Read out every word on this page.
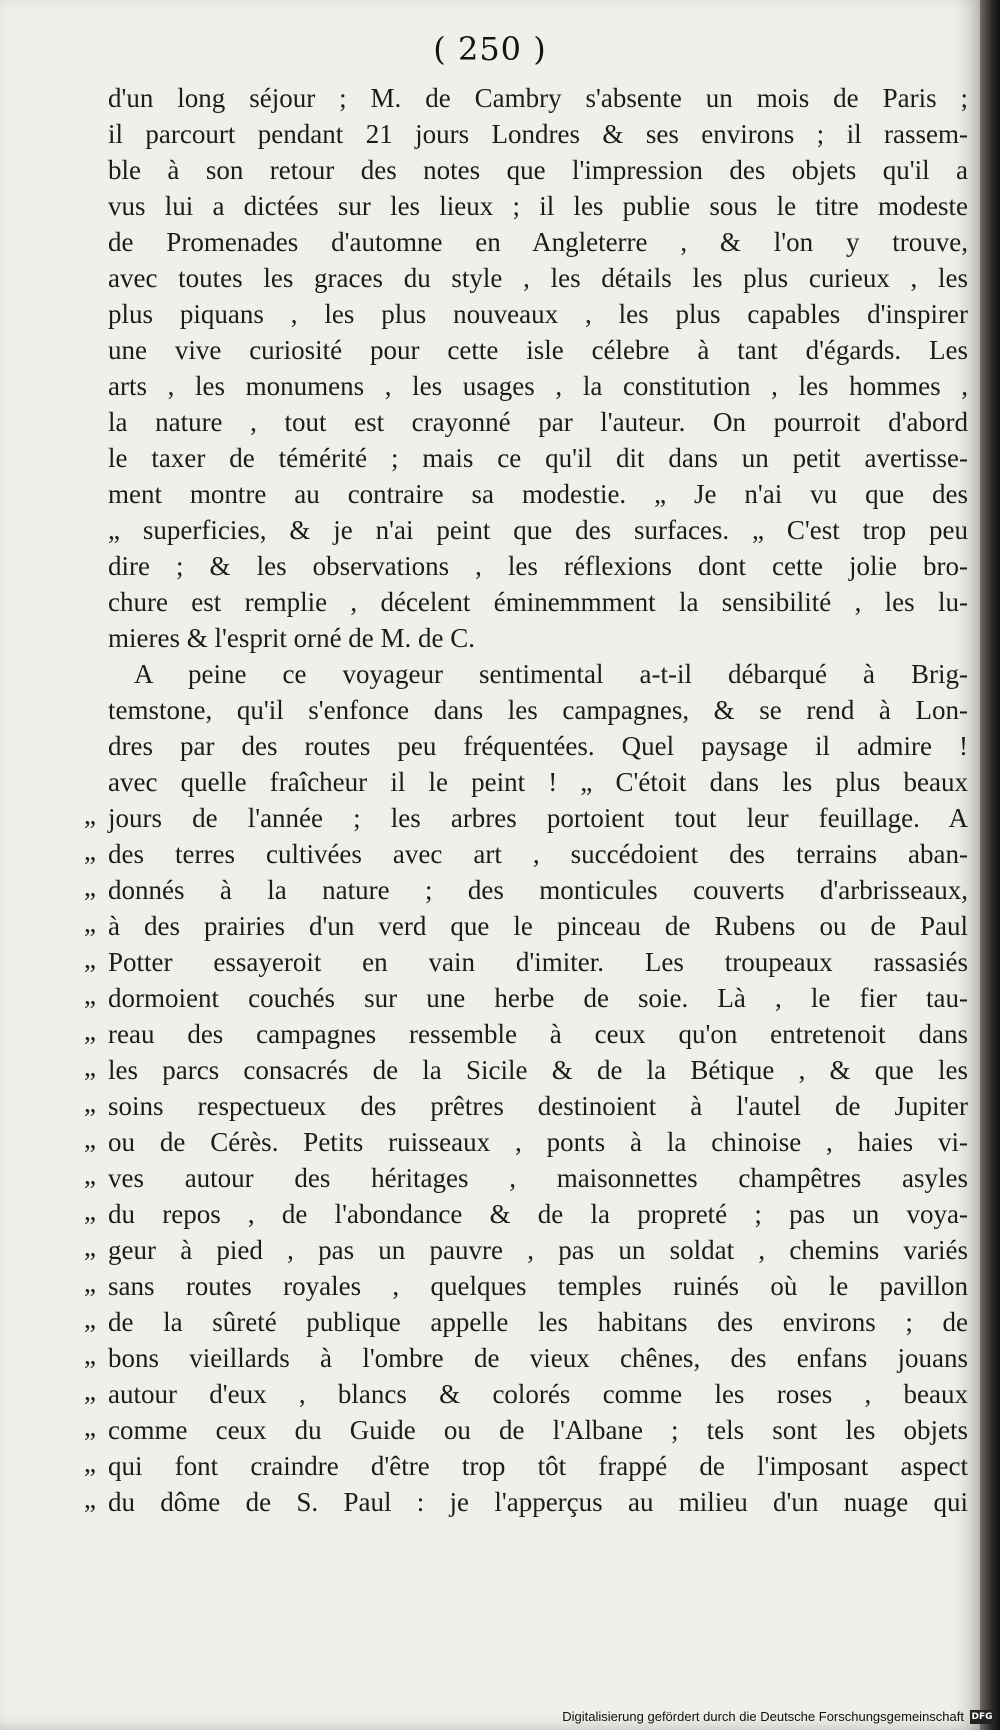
( 250 )
d'un long séjour ; M. de Cambry s'absente un mois de Paris ;
il parcourt pendant 21 jours Londres & ses environs ; il rassem-
ble à son retour des notes que l'impression des objets qu'il a
vus lui a dictées sur les lieux ; il les publie sous le titre modeste
de Promenades d'automne en Angleterre , & l'on y trouve,
avec toutes les graces du style , les détails les plus curieux , les
plus piquans , les plus nouveaux , les plus capables d'inspirer
une vive curiosité pour cette isle célebre à tant d'égards. Les
arts , les monumens , les usages , la constitution , les hommes ,
la nature , tout est crayonné par l'auteur. On pourroit d'abord
le taxer de témérité ; mais ce qu'il dit dans un petit avertisse-
ment montre au contraire sa modestie. „ Je n'ai vu que des
„ superficies, & je n'ai peint que des surfaces. „ C'est trop peu
dire ; & les observations , les réflexions dont cette jolie bro-
chure est remplie , décelent éminemmment la sensibilité , les lu-
mieres & l'esprit orné de M. de C.
A peine ce voyageur sentimental a-t-il débarqué à Brig-
temstone, qu'il s'enfonce dans les campagnes, & se rend à Lon-
dres par des routes peu fréquentées. Quel paysage il admire !
avec quelle fraîcheur il le peint ! „ C'étoit dans les plus beaux
jours de l'année ; les arbres portoient tout leur feuillage. A
des terres cultivées avec art , succédoient des terrains aban-
donnés à la nature ; des monticules couverts d'arbrisseaux,
à des prairies d'un verd que le pinceau de Rubens ou de Paul
Potter essayeroit en vain d'imiter. Les troupeaux rassasiés
dormoient couchés sur une herbe de soie. Là , le fier tau-
reau des campagnes ressemble à ceux qu'on entretenoit dans
les parcs consacrés de la Sicile & de la Bétique , & que les
soins respectueux des prêtres destinoient à l'autel de Jupiter
ou de Cérès. Petits ruisseaux , ponts à la chinoise , haies vi-
ves autour des héritages , maisonnettes champêtres asyles
du repos , de l'abondance & de la propreté ; pas un voya-
geur à pied , pas un pauvre , pas un soldat , chemins variés
sans routes royales , quelques temples ruinés où le pavillon
de la sûreté publique appelle les habitans des environs ; de
bons vieillards à l'ombre de vieux chênes, des enfans jouans
autour d'eux , blancs & colorés comme les roses , beaux
comme ceux du Guide ou de l'Albane ; tels sont les objets
qui font craindre d'être trop tôt frappé de l'imposant aspect
du dôme de S. Paul : je l'apperçus au milieu d'un nuage qui
„
„
„
„
„
„
„
„
„
„
„
„
„
„
„
„
„
„
„
„
Digitalisierung gefördert durch die Deutsche Forschungsgemeinschaft DFG
